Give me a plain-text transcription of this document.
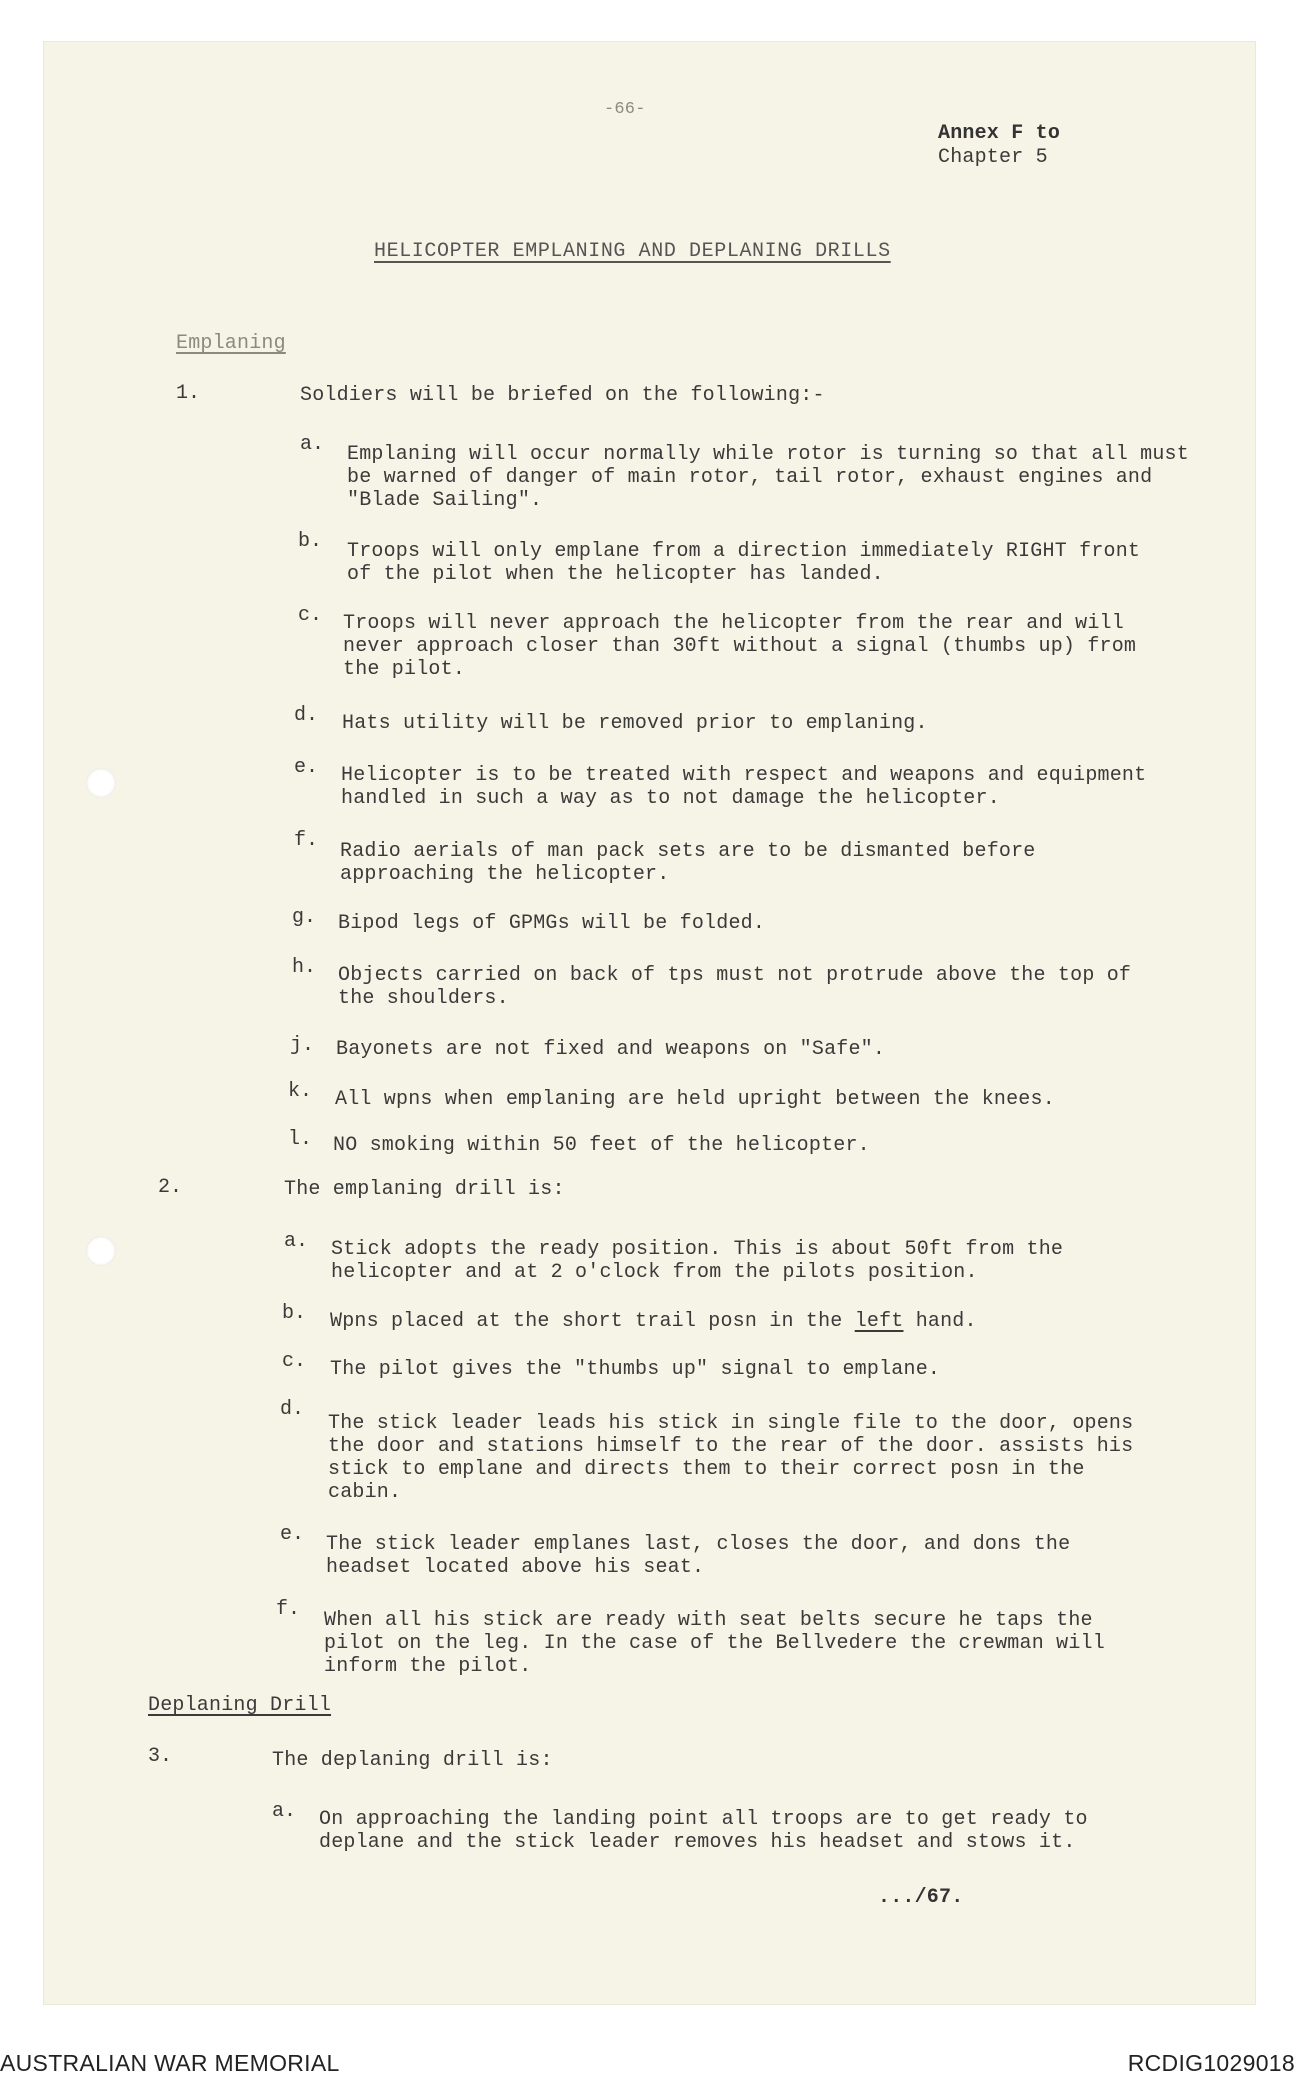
-66-
Annex F to
Chapter 5
HELICOPTER EMPLANING AND DEPLANING DRILLS
Emplaning
1.	Soldiers will be briefed on the following:-
a. Emplaning will occur normally while rotor is turning so that all must be warned of danger of main rotor, tail rotor, exhaust engines and "Blade Sailing".
b. Troops will only emplane from a direction immediately RIGHT front of the pilot when the helicopter has landed.
c. Troops will never approach the helicopter from the rear and will never approach closer than 30ft without a signal (thumbs up) from the pilot.
d. Hats utility will be removed prior to emplaning.
e. Helicopter is to be treated with respect and weapons and equipment handled in such a way as to not damage the helicopter.
f. Radio aerials of man pack sets are to be dismanted before approaching the helicopter.
g. Bipod legs of GPMGs will be folded.
h. Objects carried on back of tps must not protrude above the top of the shoulders.
j. Bayonets are not fixed and weapons on "Safe".
k. All wpns when emplaning are held upright between the knees.
l. NO smoking within 50 feet of the helicopter.
2.	The emplaning drill is:
a. Stick adopts the ready position. This is about 50ft from the helicopter and at 2 o'clock from the pilots position.
b. Wpns placed at the short trail posn in the left hand.
c. The pilot gives the "thumbs up" signal to emplane.
d.
The stick leader leads his stick in single file to the door, opens the door and stations himself to the rear of the door. assists his stick to emplane and directs them to their correct posn in the cabin.
e. The stick leader emplanes last, closes the door, and dons the headset located above his seat.
f. When all his stick are ready with seat belts secure he taps the pilot on the leg. In the case of the Bellvedere the crewman will inform the pilot.
Deplaning Drill
3.	The deplaning drill is:
a. On approaching the landing point all troops are to get ready to deplane and the stick leader removes his headset and stows it.
.../67.
AUSTRALIAN WAR MEMORIAL	RCDIG1029018
